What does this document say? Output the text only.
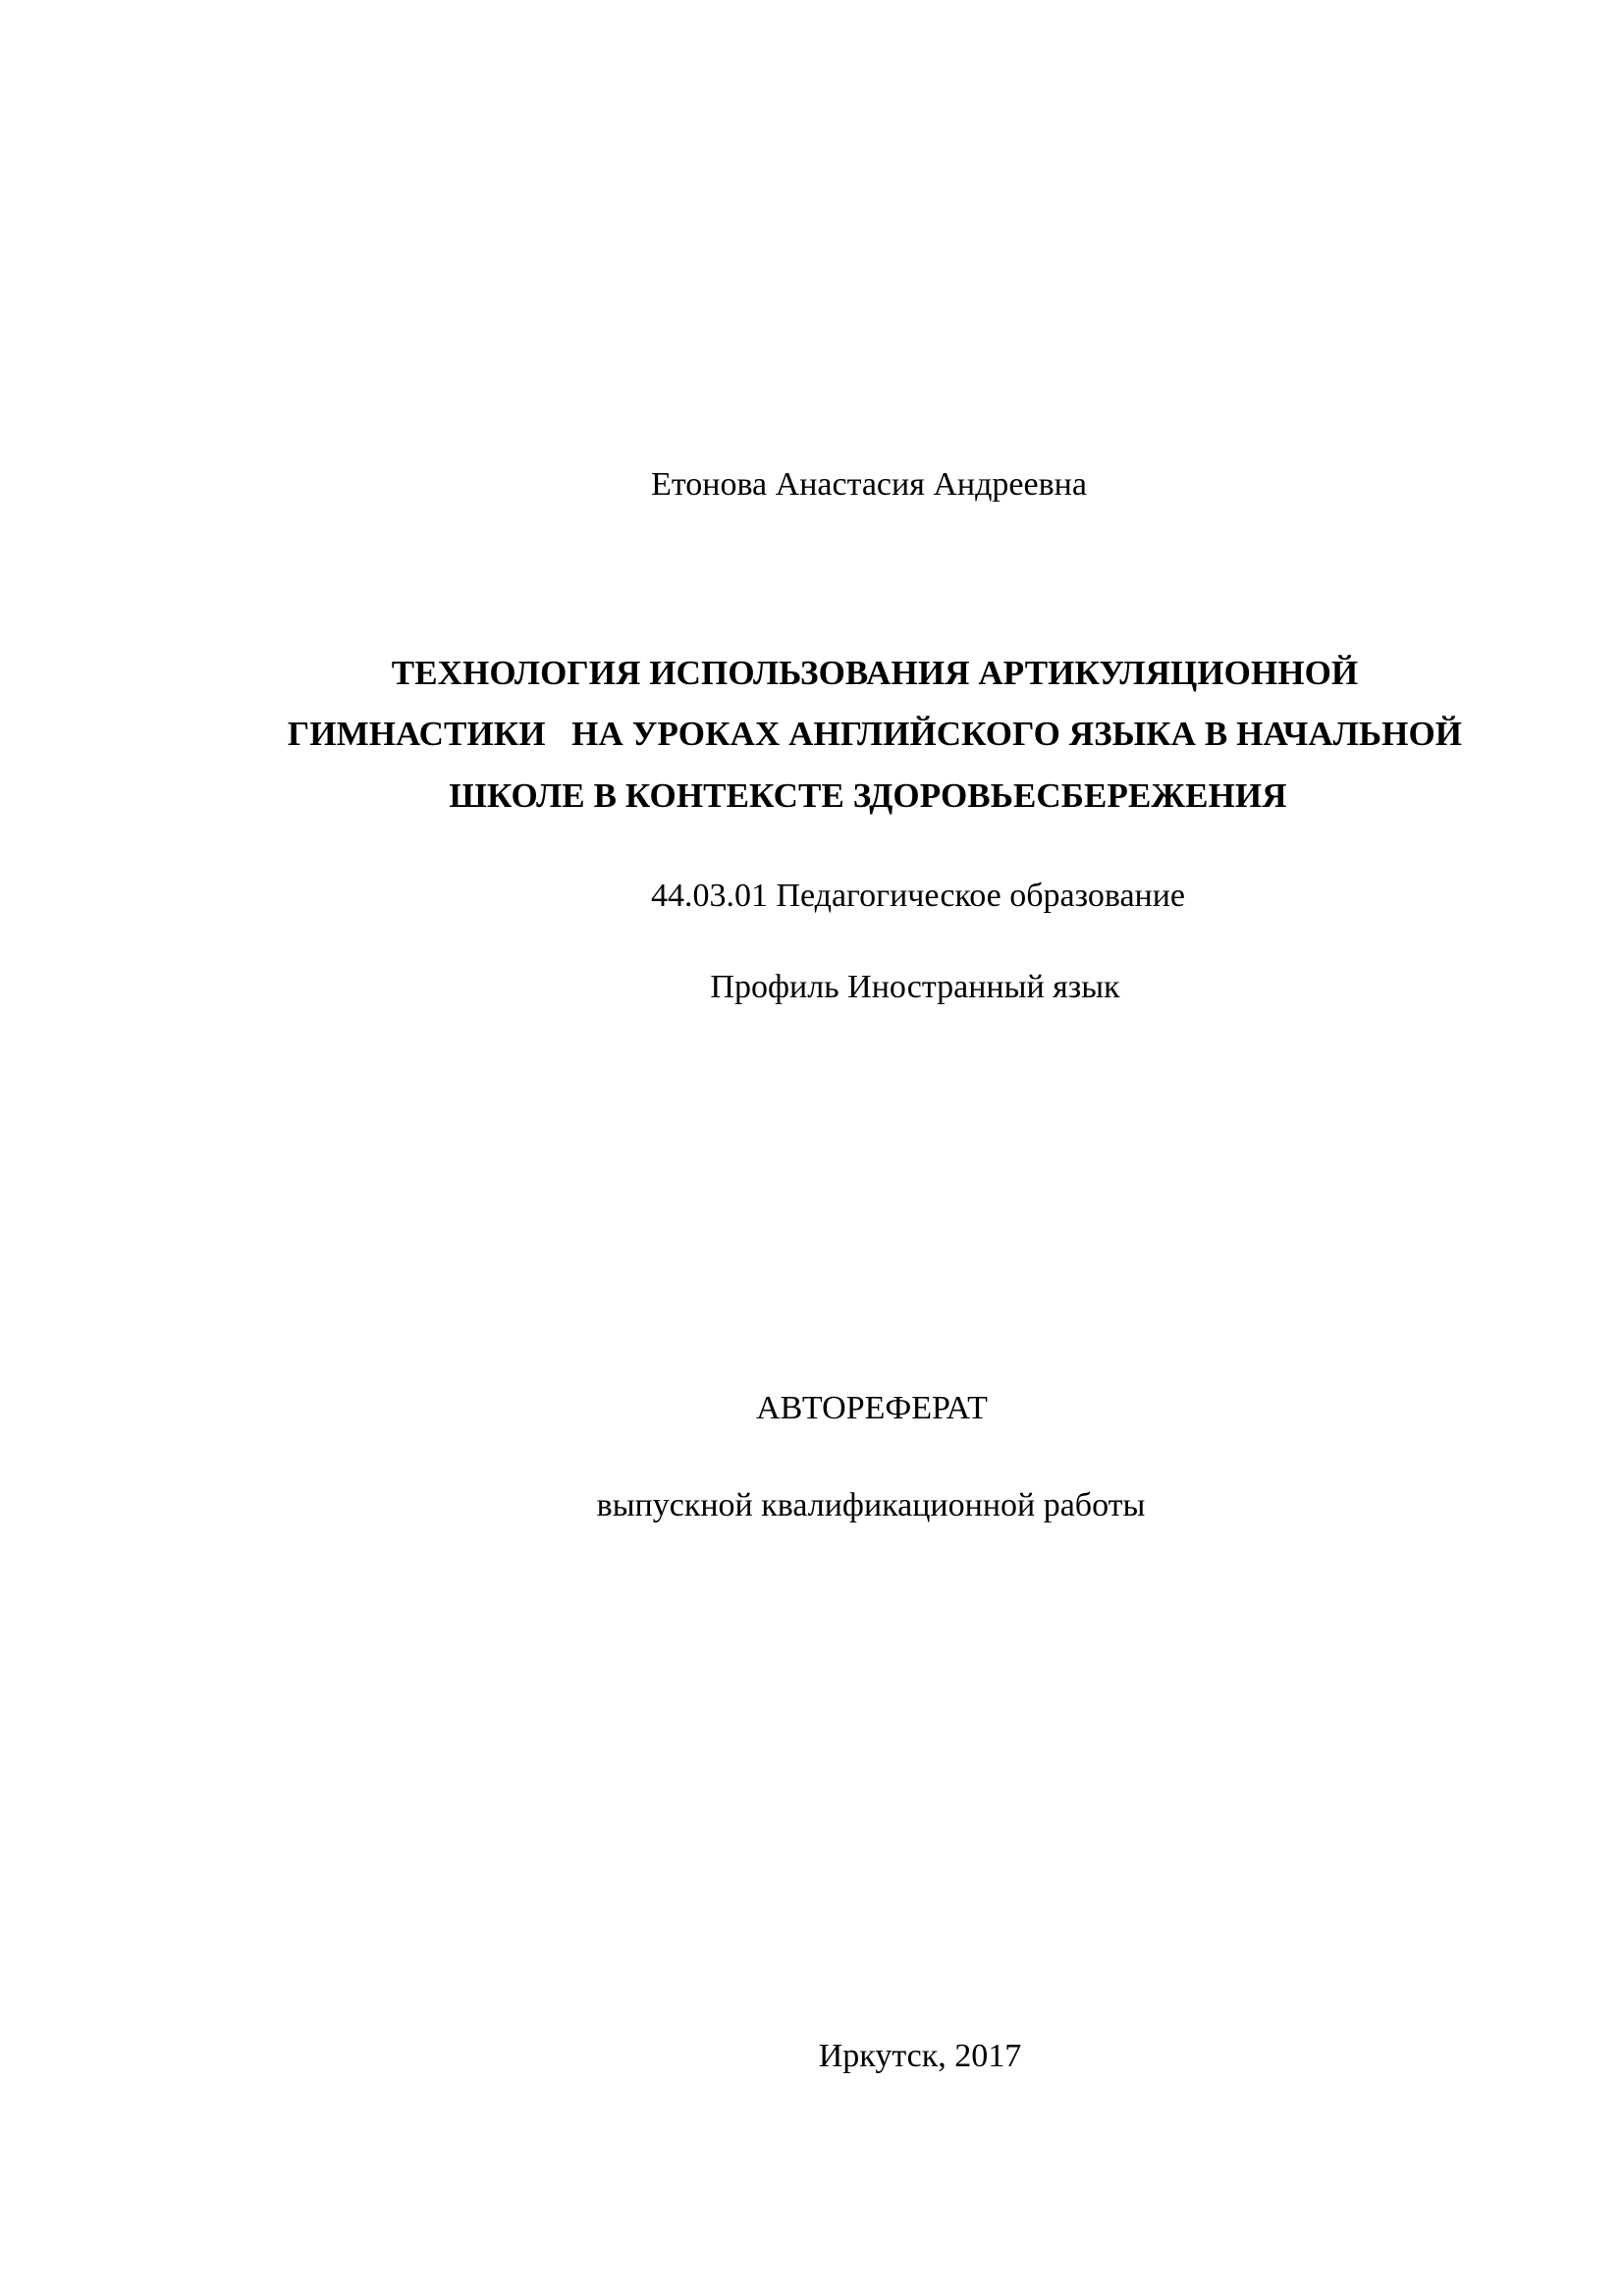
Етонова Анастасия Андреевна
ТЕХНОЛОГИЯ ИСПОЛЬЗОВАНИЯ АРТИКУЛЯЦИОННОЙ
ГИМНАСТИКИ   НА УРОКАХ АНГЛИЙСКОГО ЯЗЫКА В НАЧАЛЬНОЙ
ШКОЛЕ В КОНТЕКСТЕ ЗДОРОВЬЕСБЕРЕЖЕНИЯ
44.03.01 Педагогическое образование
Профиль Иностранный язык
АВТОРЕФЕРАТ
выпускной квалификационной работы
Иркутск, 2017
